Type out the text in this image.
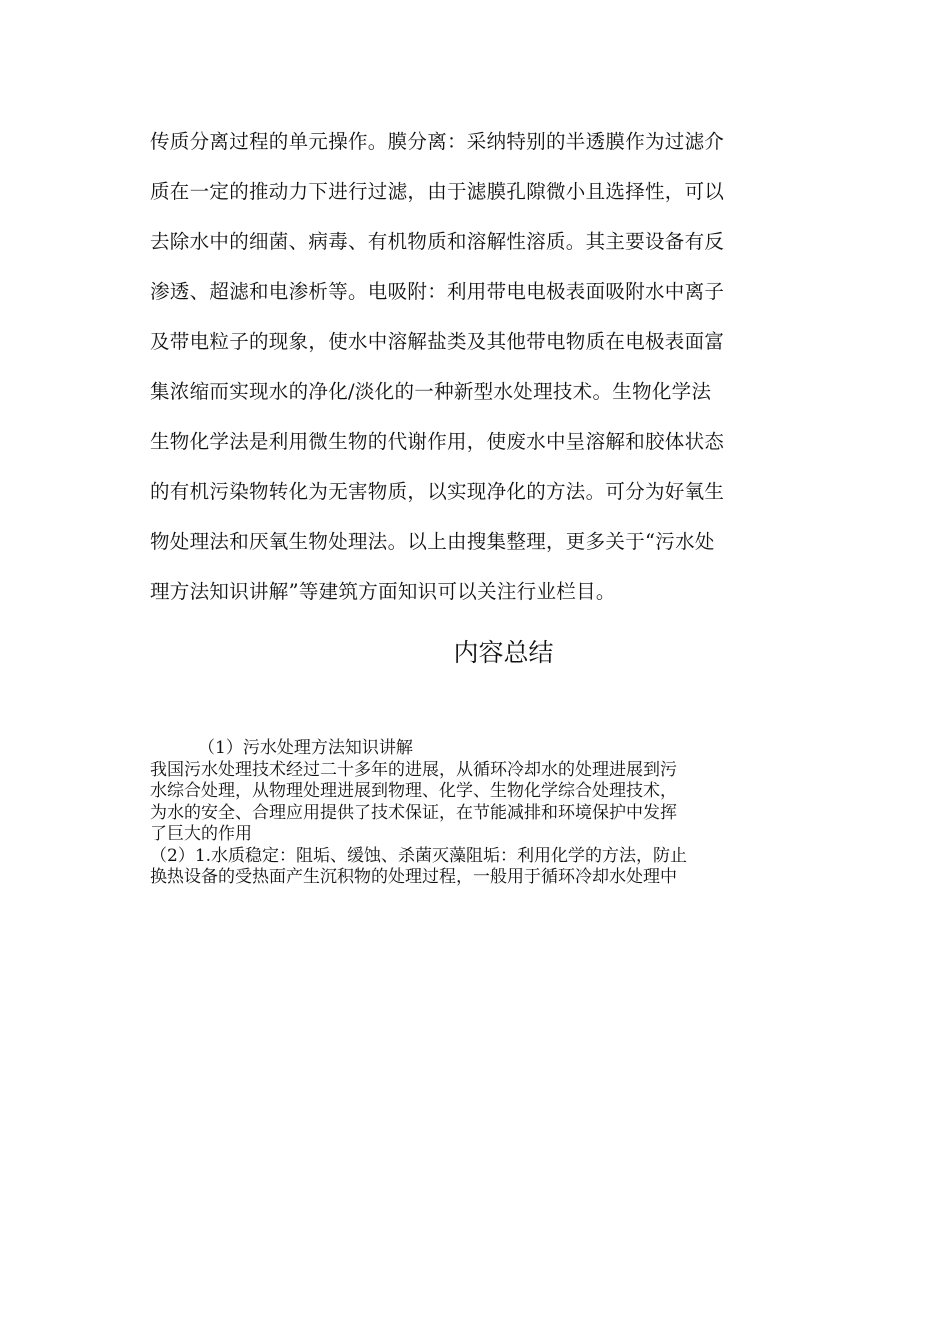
传质分离过程的单元操作。膜分离：采纳特别的半透膜作为过滤介
质在一定的推动力下进行过滤，由于滤膜孔隙微小且选择性，可以
去除水中的细菌、病毒、有机物质和溶解性溶质。其主要设备有反
渗透、超滤和电渗析等。电吸附：利用带电电极表面吸附水中离子
及带电粒子的现象，使水中溶解盐类及其他带电物质在电极表面富
集浓缩而实现水的净化/淡化的一种新型水处理技术。生物化学法
生物化学法是利用微生物的代谢作用，使废水中呈溶解和胶体状态
的有机污染物转化为无害物质，以实现净化的方法。可分为好氧生
物处理法和厌氧生物处理法。以上由搜集整理，更多关于“污水处
理方法知识讲解”等建筑方面知识可以关注行业栏目。
内容总结
（1）污水处理方法知识讲解
我国污水处理技术经过二十多年的进展，从循环冷却水的处理进展到污
水综合处理，从物理处理进展到物理、化学、生物化学综合处理技术，
为水的安全、合理应用提供了技术保证，在节能减排和环境保护中发挥
了巨大的作用
（2）1.水质稳定：阻垢、缓蚀、杀菌灭藻阻垢：利用化学的方法，防止
换热设备的受热面产生沉积物的处理过程，一般用于循环冷却水处理中
